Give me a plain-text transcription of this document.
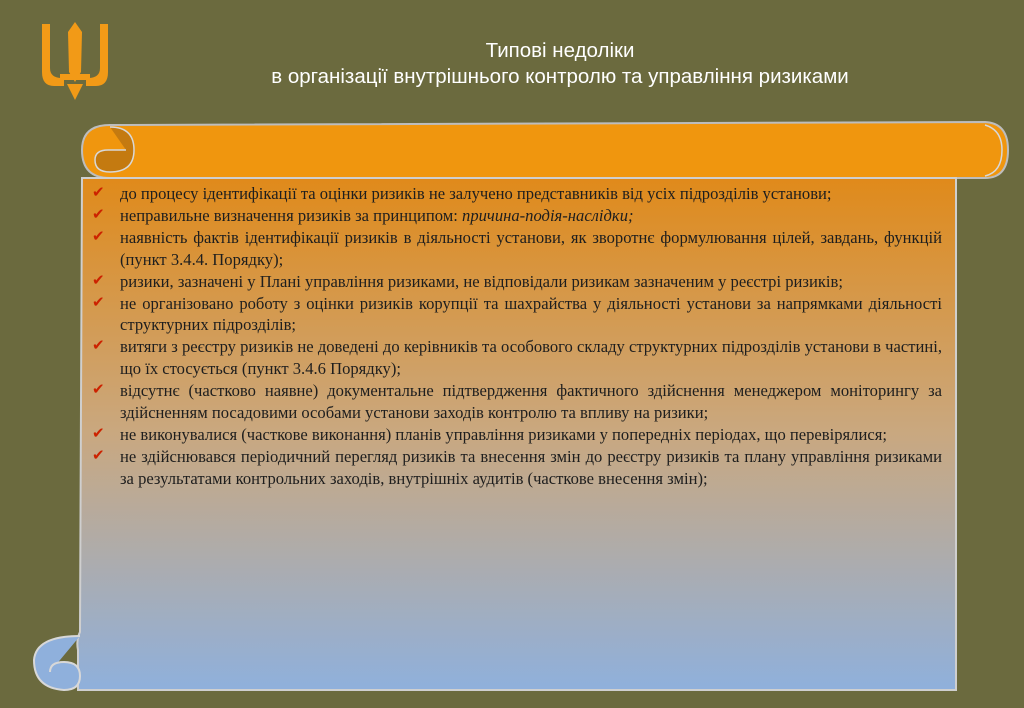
Типові недоліки
в організації внутрішнього контролю та управління ризиками
✔ до процесу ідентифікації та оцінки ризиків не залучено представників від усіх підрозділів установи;
✔ неправильне визначення ризиків за принципом: причина-подія-наслідки;
✔ наявність фактів ідентифікації ризиків в діяльності установи, як зворотнє формулювання цілей, завдань, функцій (пункт 3.4.4. Порядку);
✔ ризики, зазначені у Плані управління ризиками, не відповідали ризикам зазначеним у реєстрі ризиків;
✔ не організовано роботу з оцінки ризиків корупції та шахрайства у діяльності установи за напрямками діяльності структурних підрозділів;
✔ витяги з реєстру ризиків не доведені до керівників та особового складу структурних підрозділів установи в частині, що їх стосується (пункт 3.4.6 Порядку);
✔ відсутнє (частково наявне) документальне підтвердження фактичного здійснення менеджером моніторингу за здійсненням посадовими особами установи заходів контролю та впливу на ризики;
✔ не виконувалися (часткове виконання) планів управління ризиками у попередніх періодах, що перевірялися;
✔ не здійснювався періодичний перегляд ризиків та внесення змін до реєстру ризиків та плану управління ризиками за результатами контрольних заходів, внутрішніх аудитів (часткове внесення змін);
